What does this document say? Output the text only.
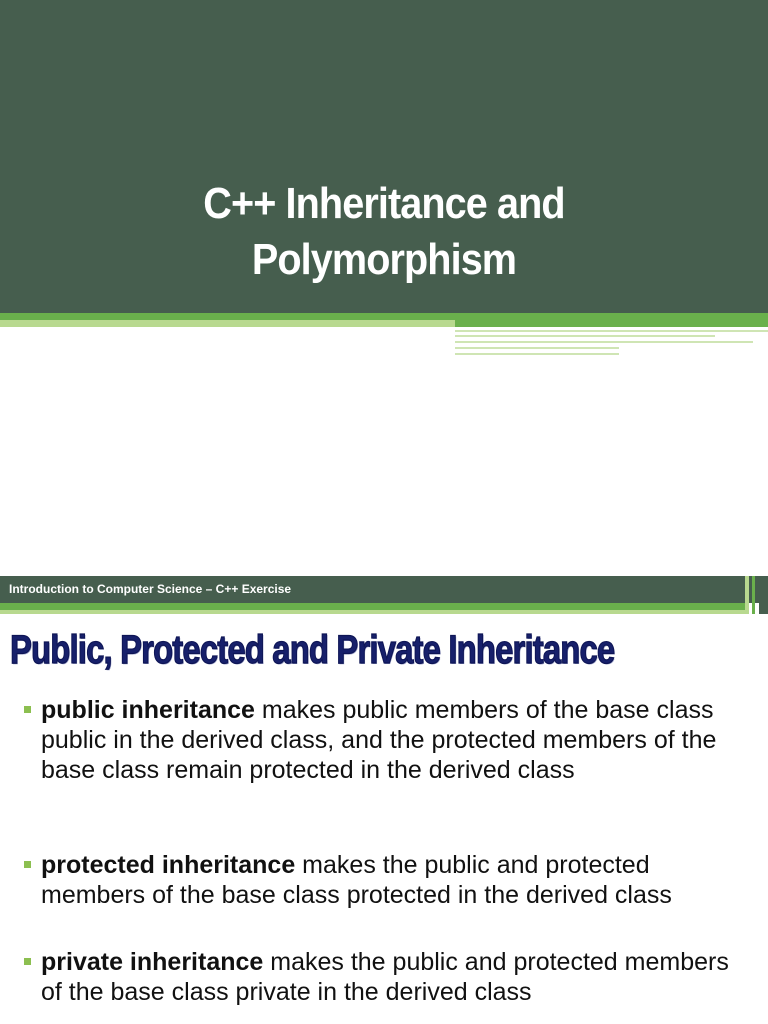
C++ Inheritance and
Polymorphism
Introduction to Computer Science – C++ Exercise
Public, Protected and Private Inheritance
public inheritance makes public members of the base class public in the derived class, and the protected members of the base class remain protected in the derived class
protected inheritance makes the public and protected members of the base class protected in the derived class
private inheritance makes the public and protected members of the base class private in the derived class
